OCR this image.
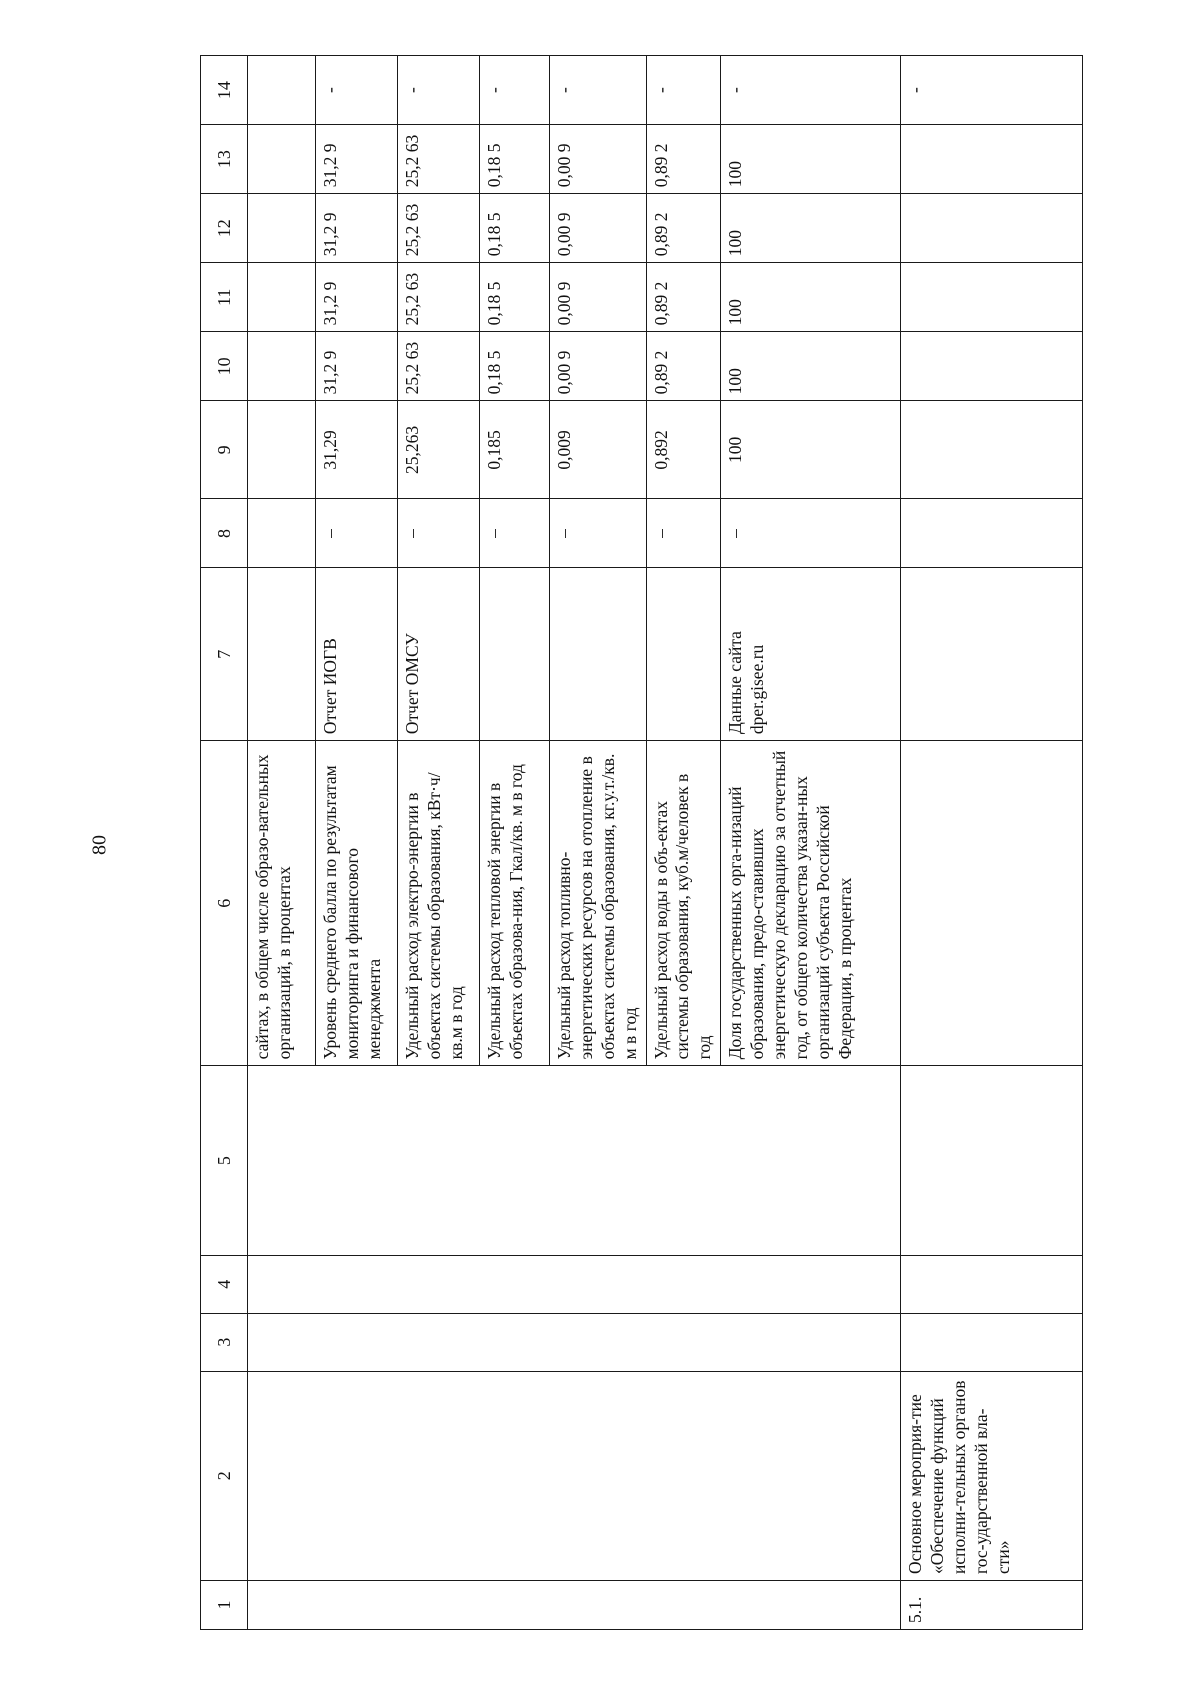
80
1	2	3	4	5	6	7	8	9	10	11	12	13	14
					сайтах, в общем числе образо-вательных организаций, в процентах								
					Уровень среднего балла по результатам мониторинга и финансового менеджмента	Отчет ИОГВ	–	31,29	31,2 9	31,2 9	31,2 9	31,2 9	-
					Удельный расход электро-энергии в объектах системы образования, кВт·ч/кв.м в год	Отчет ОМСУ	–	25,263	25,2 63	25,2 63	25,2 63	25,2 63	-
					Удельный расход тепловой энергии в объектах образова-ния, Гкал/кв. м в год		–	0,185	0,18 5	0,18 5	0,18 5	0,18 5	-
					Удельный расход топливно-энергетических ресурсов на отопление в объектах системы образования, кг.у.т./кв. м в год		–	0,009	0,00 9	0,00 9	0,00 9	0,00 9	-
					Удельный расход воды в объ-ектах системы образования, куб.м/человек в год		–	0,892	0,89 2	0,89 2	0,89 2	0,89 2	-
					Доля государственных орга-низаций образования, предо-ставивших энергетическую декларацию за отчетный год, от общего количества указан-ных организаций субъекта Российской Федерации, в процентах	Данные сайта dper.gisee.ru	–	100	100	100	100	100	-
5.1.	Основное мероприя-тие «Обеспечение функций исполни-тельных органов гос-ударственной вла-сти»												-
